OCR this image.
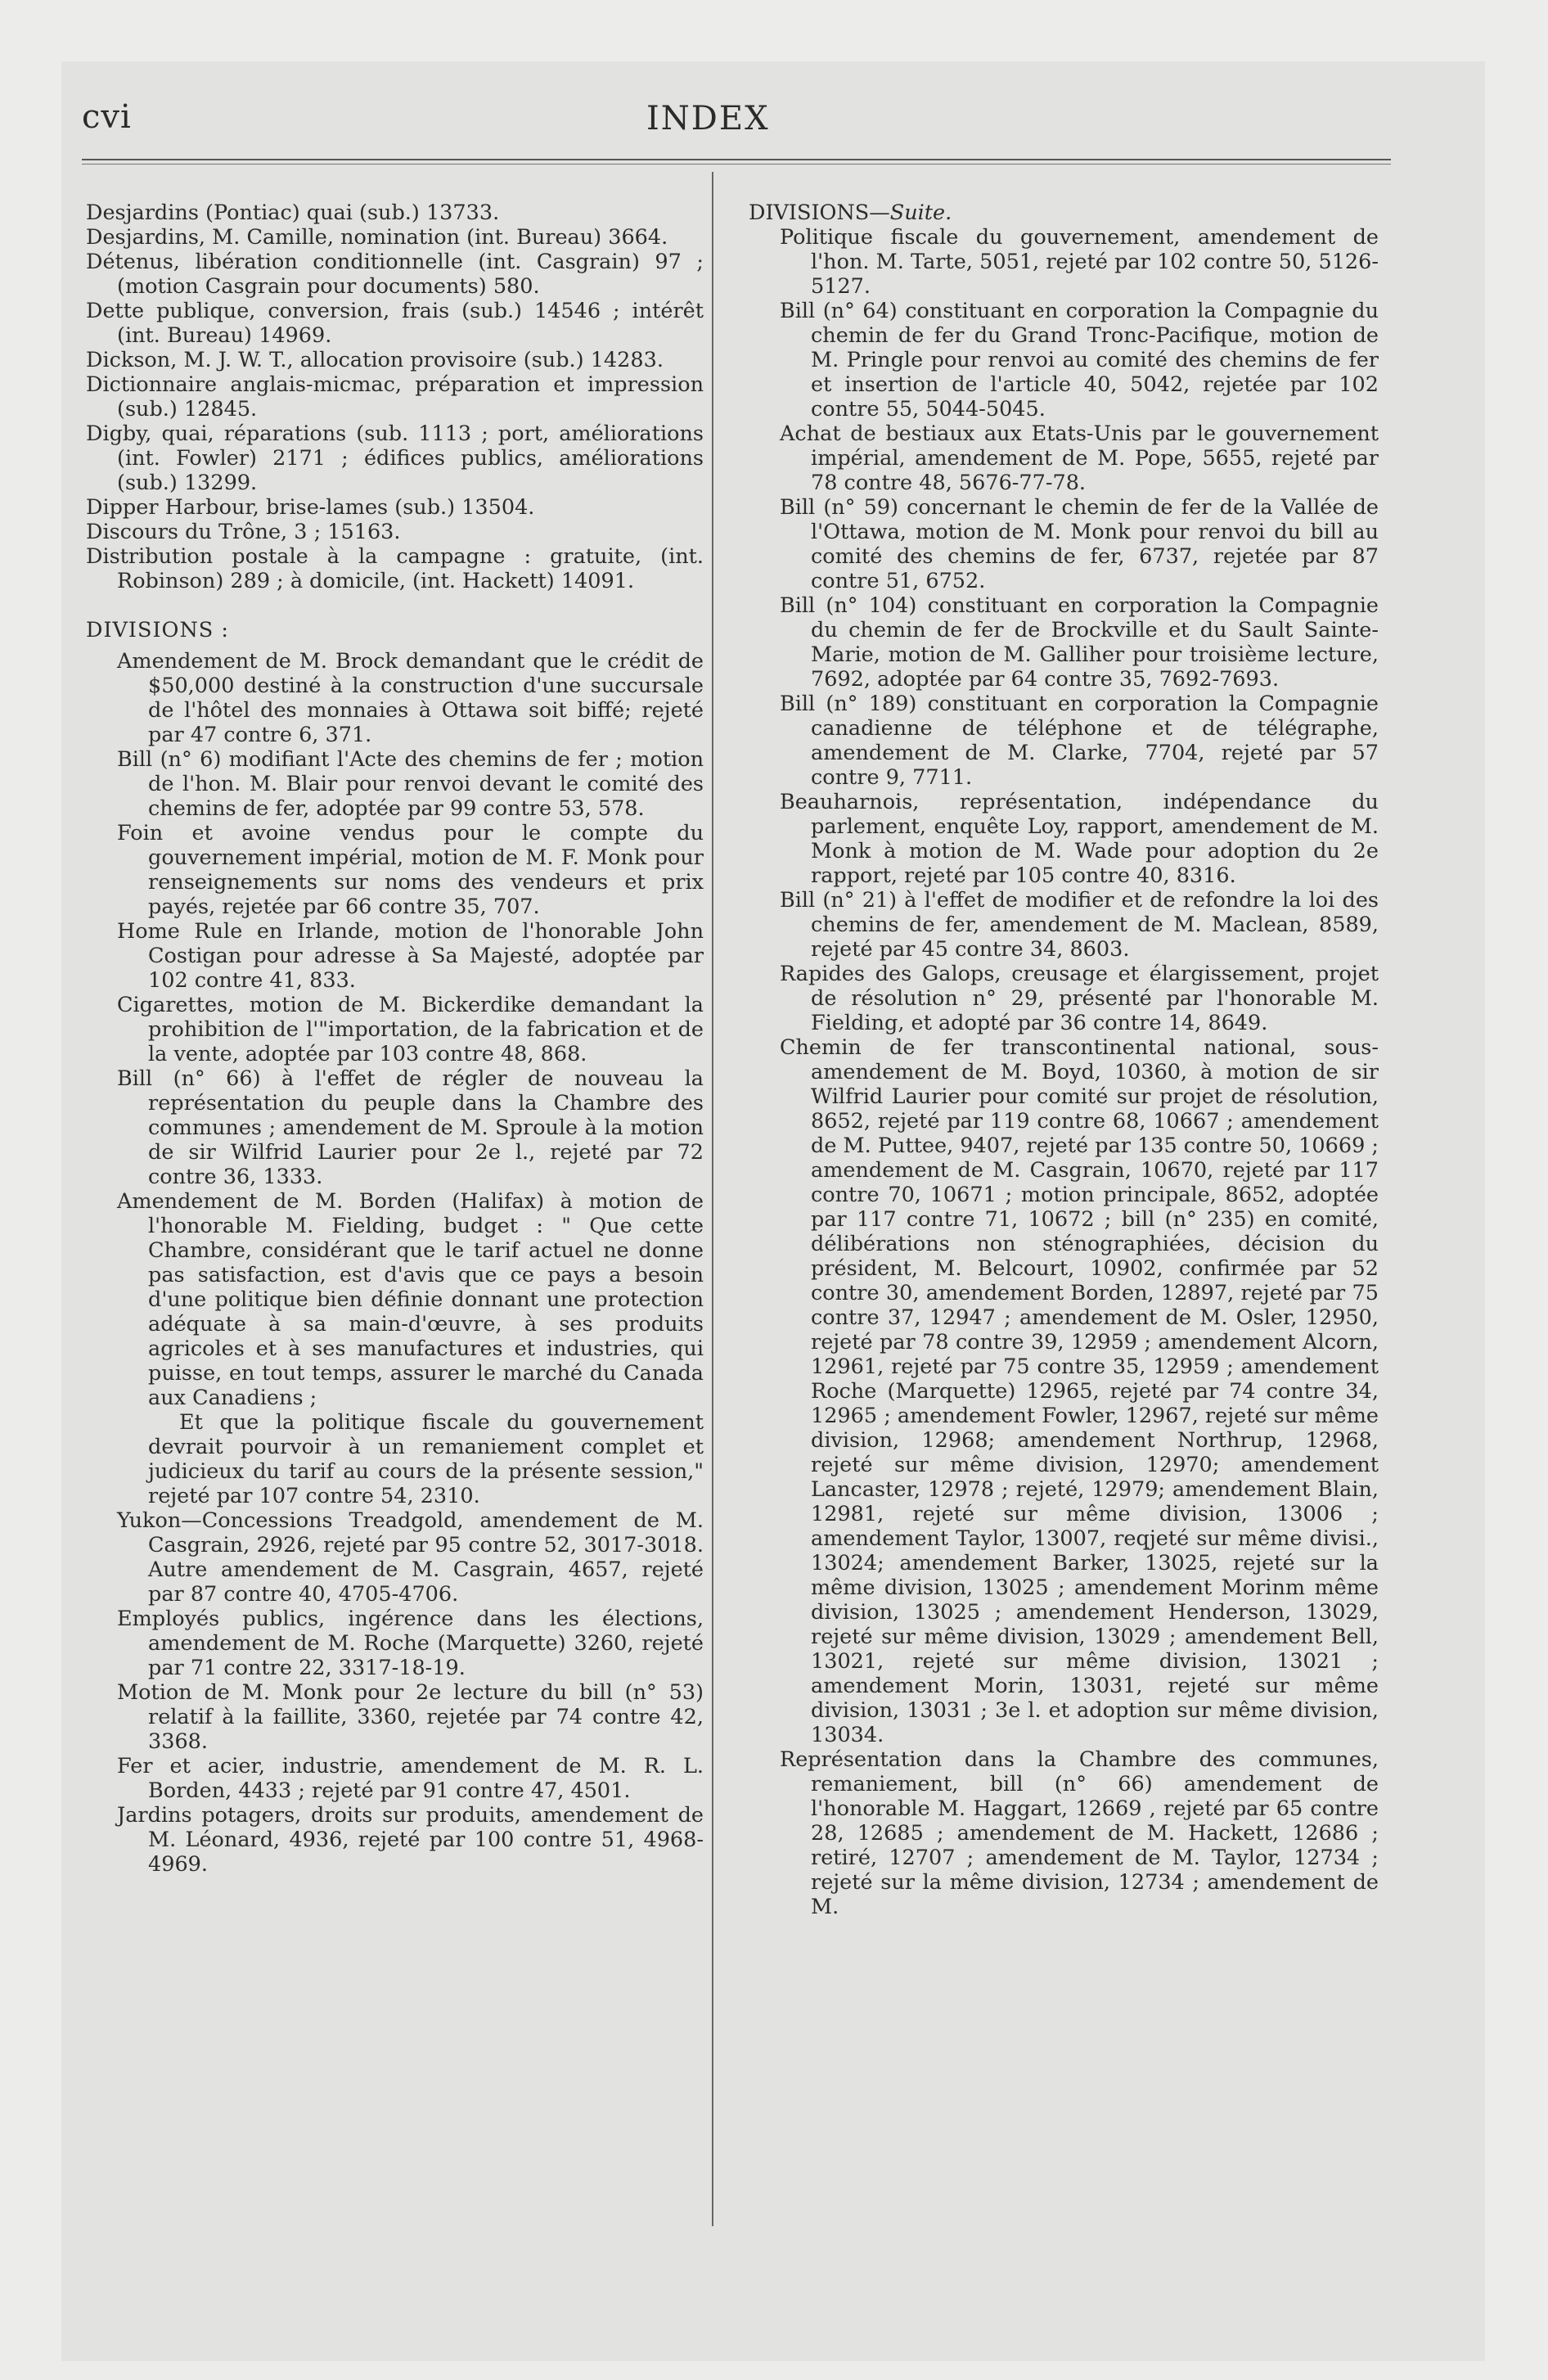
cvi	INDEX

Desjardins (Pontiac) quai (sub.) 13733.

Desjardins, M. Camille, nomination (int. Bureau) 3664.

Détenus, libération conditionnelle (int. Casgrain) 97 ; (motion Casgrain pour documents) 580.

Dette publique, conversion, frais (sub.) 14546 ; intérêt (int. Bureau) 14969.

Dickson, M. J. W. T., allocation provisoire (sub.) 14283.

Dictionnaire anglais-micmac, préparation et impression (sub.) 12845.

Digby, quai, réparations (sub. 1113 ; port, améliorations (int. Fowler) 2171 ; édifices publics, améliorations (sub.) 13299.

Dipper Harbour, brise-lames (sub.) 13504.

Discours du Trône, 3 ; 15163.

Distribution postale à la campagne : gratuite, (int. Robinson) 289 ; à domicile, (int. Hackett) 14091.

DIVISIONS :

Amendement de M. Brock demandant que le crédit de $50,000 destiné à la construction d'une succursale de l'hôtel des monnaies à Ottawa soit biffé; rejeté par 47 contre 6, 371.

Bill (n° 6) modifiant l'Acte des chemins de fer ; motion de l'hon. M. Blair pour renvoi devant le comité des chemins de fer, adoptée par 99 contre 53, 578.

Foin et avoine vendus pour le compte du gouvernement impérial, motion de M. F. Monk pour renseignements sur noms des vendeurs et prix payés, rejetée par 66 contre 35, 707.

Home Rule en Irlande, motion de l'honorable John Costigan pour adresse à Sa Majesté, adoptée par 102 contre 41, 833.

Cigarettes, motion de M. Bickerdike demandant la prohibition de l'"importation, de la fabrication et de la vente, adoptée par 103 contre 48, 868.

Bill (n° 66) à l'effet de régler de nouveau la représentation du peuple dans la Chambre des communes ; amendement de M. Sproule à la motion de sir Wilfrid Laurier pour 2e l., rejeté par 72 contre 36, 1333.

Amendement de M. Borden (Halifax) à motion de l'honorable M. Fielding, budget : " Que cette Chambre, considérant que le tarif actuel ne donne pas satisfaction, est d'avis que ce pays a besoin d'une politique bien définie donnant une protection adéquate à sa main-d'œuvre, à ses produits agricoles et à ses manufactures et industries, qui puisse, en tout temps, assurer le marché du Canada aux Canadiens ;

Et que la politique fiscale du gouvernement devrait pourvoir à un remaniement complet et judicieux du tarif au cours de la présente session," rejeté par 107 contre 54, 2310.

Yukon—Concessions Treadgold, amendement de M. Casgrain, 2926, rejeté par 95 contre 52, 3017-3018. Autre amendement de M. Casgrain, 4657, rejeté par 87 contre 40, 4705-4706.

Employés publics, ingérence dans les élections, amendement de M. Roche (Marquette) 3260, rejeté par 71 contre 22, 3317-18-19.

Motion de M. Monk pour 2e lecture du bill (n° 53) relatif à la faillite, 3360, rejetée par 74 contre 42, 3368.

Fer et acier, industrie, amendement de M. R. L. Borden, 4433 ; rejeté par 91 contre 47, 4501.

Jardins potagers, droits sur produits, amendement de M. Léonard, 4936, rejeté par 100 contre 51, 4968-4969.

DIVISIONS—Suite.

Politique fiscale du gouvernement, amendement de l'hon. M. Tarte, 5051, rejeté par 102 contre 50, 5126-5127.

Bill (n° 64) constituant en corporation la Compagnie du chemin de fer du Grand Tronc-Pacifique, motion de M. Pringle pour renvoi au comité des chemins de fer et insertion de l'article 40, 5042, rejetée par 102 contre 55, 5044-5045.

Achat de bestiaux aux Etats-Unis par le gouvernement impérial, amendement de M. Pope, 5655, rejeté par 78 contre 48, 5676-77-78.

Bill (n° 59) concernant le chemin de fer de la Vallée de l'Ottawa, motion de M. Monk pour renvoi du bill au comité des chemins de fer, 6737, rejetée par 87 contre 51, 6752.

Bill (n° 104) constituant en corporation la Compagnie du chemin de fer de Brockville et du Sault Sainte-Marie, motion de M. Galliher pour troisième lecture, 7692, adoptée par 64 contre 35, 7692-7693.

Bill (n° 189) constituant en corporation la Compagnie canadienne de téléphone et de télégraphe, amendement de M. Clarke, 7704, rejeté par 57 contre 9, 7711.

Beauharnois, représentation, indépendance du parlement, enquête Loy, rapport, amendement de M. Monk à motion de M. Wade pour adoption du 2e rapport, rejeté par 105 contre 40, 8316.

Bill (n° 21) à l'effet de modifier et de refondre la loi des chemins de fer, amendement de M. Maclean, 8589, rejeté par 45 contre 34, 8603.

Rapides des Galops, creusage et élargissement, projet de résolution n° 29, présenté par l'honorable M. Fielding, et adopté par 36 contre 14, 8649.

Chemin de fer transcontinental national, sous-amendement de M. Boyd, 10360, à motion de sir Wilfrid Laurier pour comité sur projet de résolution, 8652, rejeté par 119 contre 68, 10667 ; amendement de M. Puttee, 9407, rejeté par 135 contre 50, 10669 ; amendement de M. Casgrain, 10670, rejeté par 117 contre 70, 10671 ; motion principale, 8652, adoptée par 117 contre 71, 10672 ; bill (n° 235) en comité, délibérations non sténographiées, décision du président, M. Belcourt, 10902, confirmée par 52 contre 30, amendement Borden, 12897, rejeté par 75 contre 37, 12947 ; amendement de M. Osler, 12950, rejeté par 78 contre 39, 12959 ; amendement Alcorn, 12961, rejeté par 75 contre 35, 12959 ; amendement Roche (Marquette) 12965, rejeté par 74 contre 34, 12965 ; amendement Fowler, 12967, rejeté sur même division, 12968; amendement Northrup, 12968, rejeté sur même division, 12970; amendement Lancaster, 12978 ; rejeté, 12979; amendement Blain, 12981, rejeté sur même division, 13006 ; amendement Taylor, 13007, reqjeté sur même divisi., 13024; amendement Barker, 13025, rejeté sur la même division, 13025 ; amendement Morinm même division, 13025 ; amendement Henderson, 13029, rejeté sur même division, 13029 ; amendement Bell, 13021, rejeté sur même division, 13021 ; amendement Morin, 13031, rejeté sur même division, 13031 ; 3e l. et adoption sur même division, 13034.

Représentation dans la Chambre des communes, remaniement, bill (n° 66) amendement de l'honorable M. Haggart, 12669 , rejeté par 65 contre 28, 12685 ; amendement de M. Hackett, 12686 ; retiré, 12707 ; amendement de M. Taylor, 12734 ; rejeté sur la même division, 12734 ; amendement de M.
